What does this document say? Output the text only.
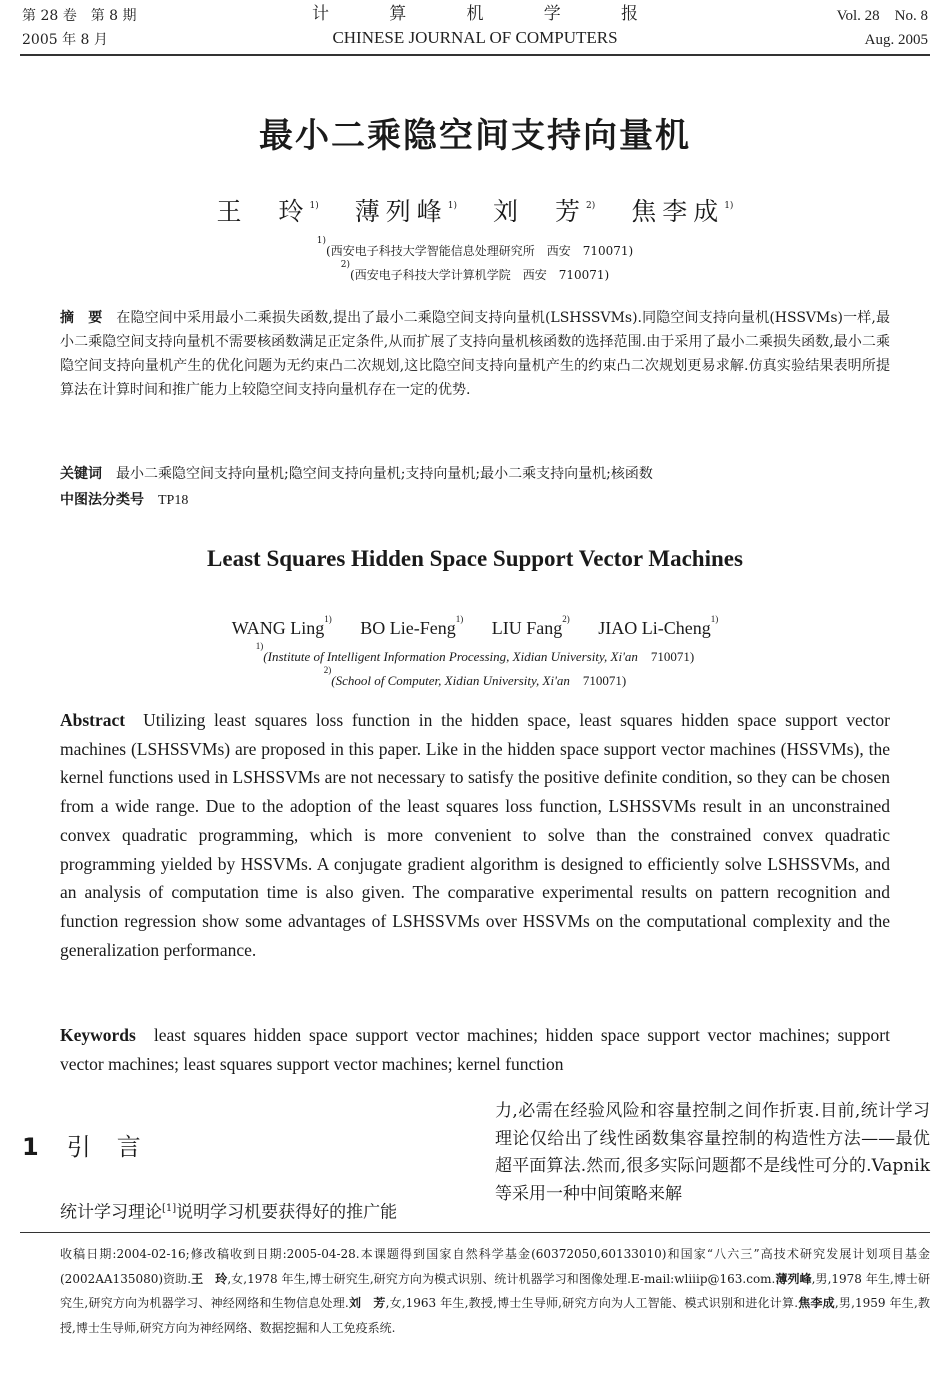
第 28 卷　第 8 期
2005 年 8 月
计 算 机 学 报
CHINESE JOURNAL OF COMPUTERS
Vol. 28　No. 8
Aug. 2005
最小二乘隐空间支持向量机
王　玲$^{1)}$ 薄列峰$^{1)}$ 刘　芳$^{2)}$ 焦李成$^{1)}$
$^{1)}$(西安电子科技大学智能信息处理研究所　西安　710071)
$^{2)}$(西安电子科技大学计算机学院　西安　710071)
摘　要 在隐空间中采用最小二乘损失函数,提出了最小二乘隐空间支持向量机(LSHSSVMs).同隐空间支持向量机(HSSVMs)一样,最小二乘隐空间支持向量机不需要核函数满足正定条件,从而扩展了支持向量机核函数的选择范围.由于采用了最小二乘损失函数,最小二乘隐空间支持向量机产生的优化问题为无约束凸二次规划,这比隐空间支持向量机产生的约束凸二次规划更易求解.仿真实验结果表明所提算法在计算时间和推广能力上较隐空间支持向量机存在一定的优势.
关键词 最小二乘隐空间支持向量机;隐空间支持向量机;支持向量机;最小二乘支持向量机;核函数
中图法分类号 TP18
Least Squares Hidden Space Support Vector Machines
WANG Ling$^{1)}$ BO Lie-Feng$^{1)}$ LIU Fang$^{2)}$ JIAO Li-Cheng$^{1)}$
$^{1)}$(Institute of Intelligent Information Processing, Xidian University, Xi'an 710071)
$^{2)}$(School of Computer, Xidian University, Xi'an 710071)
Abstract Utilizing least squares loss function in the hidden space, least squares hidden space support vector machines (LSHSSVMs) are proposed in this paper. Like in the hidden space support vector machines (HSSVMs), the kernel functions used in LSHSSVMs are not necessary to satisfy the positive definite condition, so they can be chosen from a wide range. Due to the adoption of the least squares loss function, LSHSSVMs result in an unconstrained convex quadratic programming, which is more convenient to solve than the constrained convex quadratic programming yielded by HSSVMs. A conjugate gradient algorithm is designed to efficiently solve LSHSSVMs, and an analysis of computation time is also given. The comparative experimental results on pattern recognition and function regression show some advantages of LSHSSVMs over HSSVMs on the computational complexity and the generalization performance.
Keywords least squares hidden space support vector machines; hidden space support vector machines; support vector machines; least squares support vector machines; kernel function
1 引言
统计学习理论[1]说明学习机要获得好的推广能
力,必需在经验风险和容量控制之间作折衷.目前,统计学习理论仅给出了线性函数集容量控制的构造性方法——最优超平面算法.然而,很多实际问题都不是线性可分的.Vapnik 等采用一种中间策略来解
收稿日期:2004-02-16;修改稿收到日期:2005-04-28.本课题得到国家自然科学基金(60372050,60133010)和国家“八六三”高技术研究发展计划项目基金(2002AA135080)资助.王　玲,女,1978 年生,博士研究生,研究方向为模式识别、统计机器学习和图像处理.E-mail:wliiip@163.com.薄列峰,男,1978 年生,博士研究生,研究方向为机器学习、神经网络和生物信息处理.刘　芳,女,1963 年生,教授,博士生导师,研究方向为人工智能、模式识别和进化计算.焦李成,男,1959 年生,教授,博士生导师,研究方向为神经网络、数据挖掘和人工免疫系统.
